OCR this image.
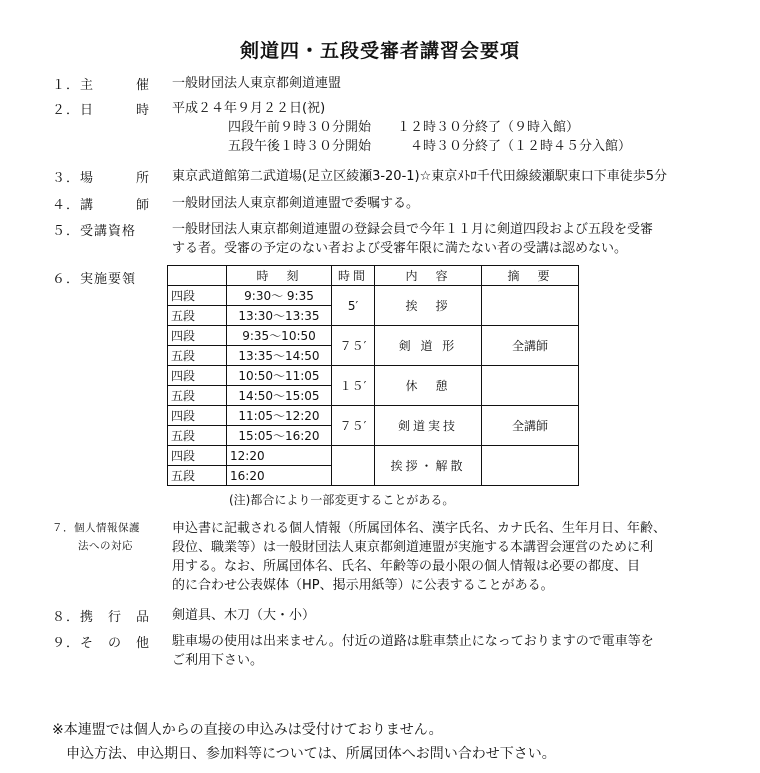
剣道四・五段受審者講習会要項
１．主　　　催	一般財団法人東京都剣道連盟
２．日　　　時	平成２４年９月２２日(祝)
四段午前９時３０分開始　　１２時３０分終了（９時入館）
五段午後１時３０分開始　　　４時３０分終了（１２時４５分入館）
３．場　　　所	東京武道館第二武道場(足立区綾瀬3-20-1)☆東京ﾒﾄﾛ千代田線綾瀬駅東口下車徒歩5分
４．講　　　師	一般財団法人東京都剣道連盟で委嘱する。
５．受講資格	一般財団法人東京都剣道連盟の登録会員で今年１１月に剣道四段および五段を受審
する者。受審の予定のない者および受審年限に満たない者の受講は認めない。
６．実施要領
		時　刻	時間	内　容	摘　要
四段	9:30～ 9:35	5′	挨　拶	
五段	13:30～13:35			
四段	9:35～10:50	７５′	剣 道 形	全講師
五段	13:35～14:50			
四段	10:50～11:05	１５′	休　憩	
五段	14:50～15:05			
四段	11:05～12:20	７５′	剣道実技	全講師
五段	15:05～16:20			
四段	12:20		挨拶・解散	
五段	16:20			
(注)都合により一部変更することがある。
７．個人情報保護
法への対応
申込書に記載される個人情報（所属団体名、漢字氏名、カナ氏名、生年月日、年齢、
段位、職業等）は一般財団法人東京都剣道連盟が実施する本講習会運営のために利
用する。なお、所属団体名、氏名、年齢等の最小限の個人情報は必要の都度、目
的に合わせ公表媒体（HP、掲示用紙等）に公表することがある。
８．携　行　品	剣道具、木刀（大・小）
９．そ　の　他	駐車場の使用は出来ません。付近の道路は駐車禁止になっておりますので電車等を
ご利用下さい。
※本連盟では個人からの直接の申込みは受付けておりません。
　申込方法、申込期日、参加料等については、所属団体へお問い合わせ下さい。
